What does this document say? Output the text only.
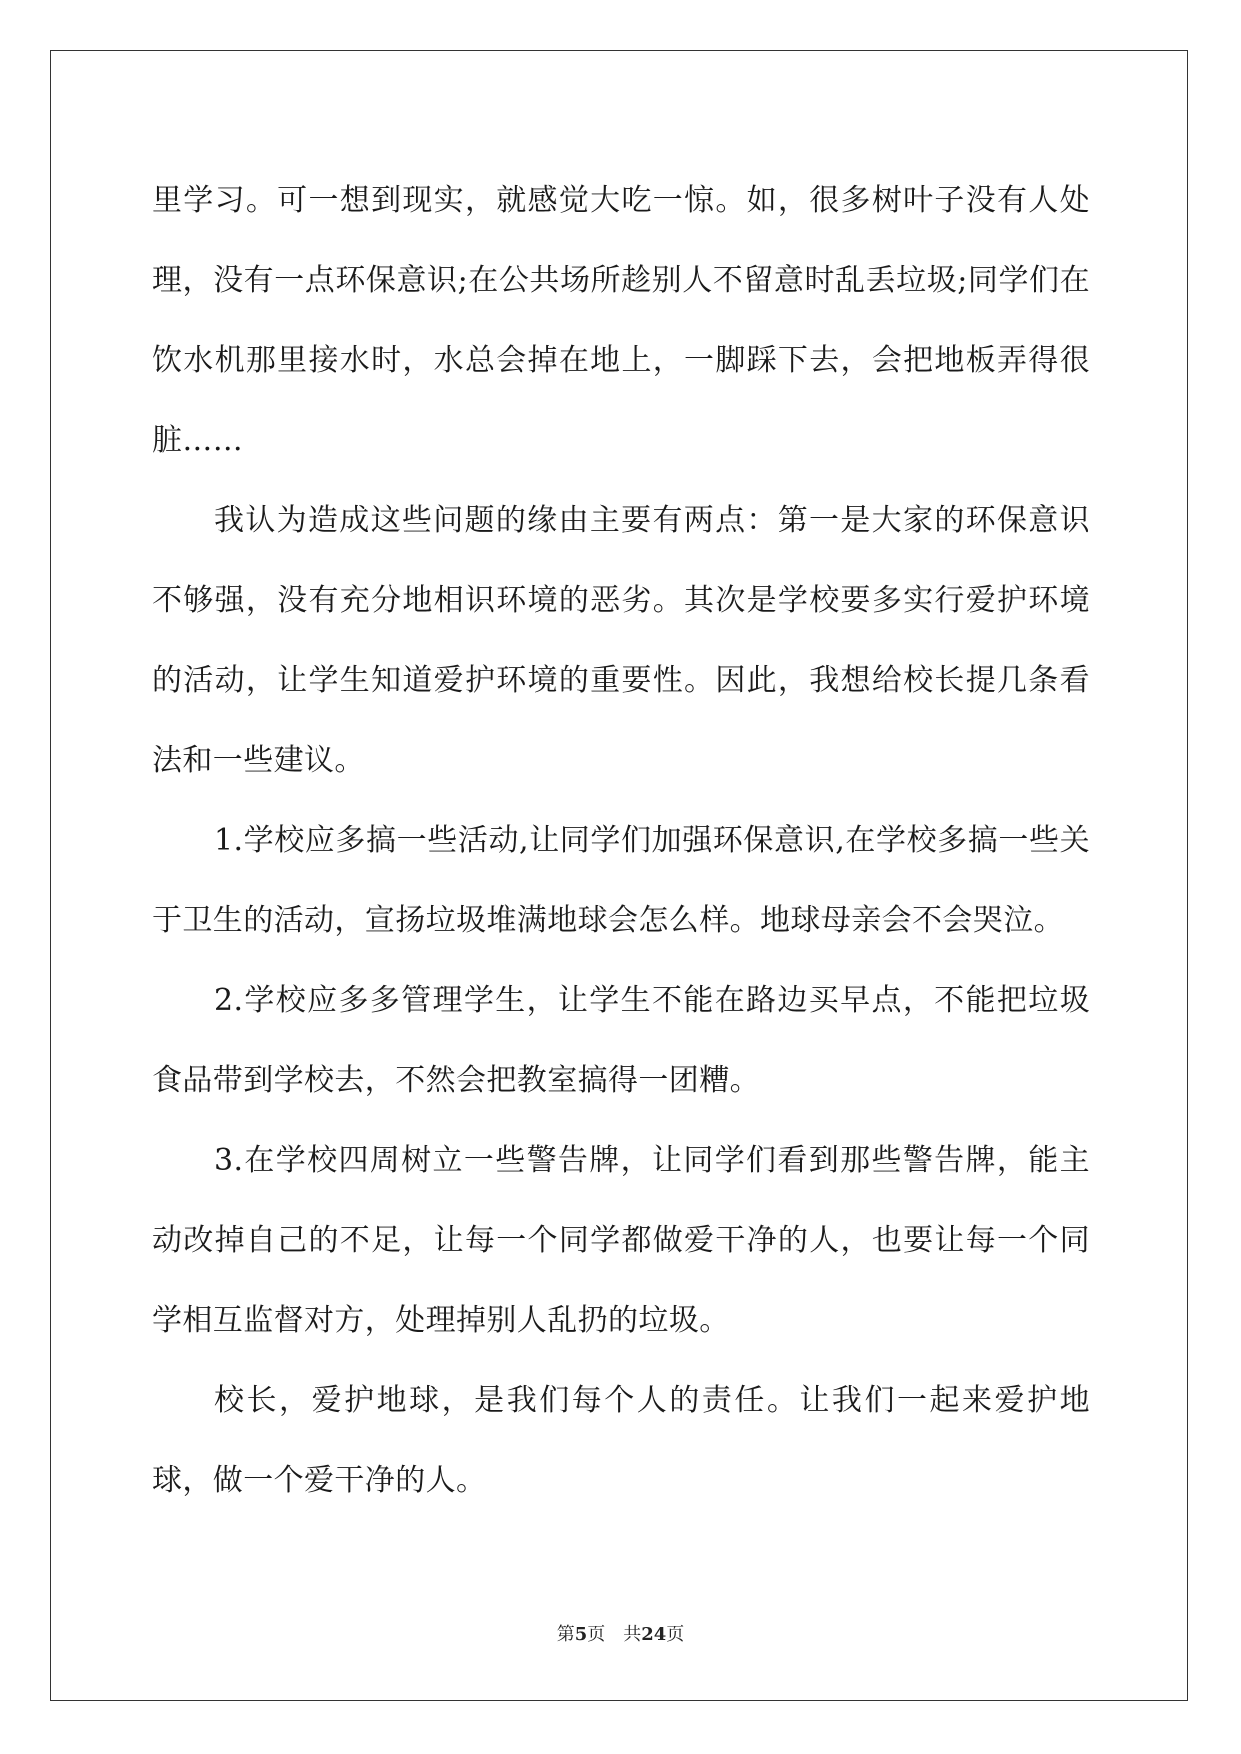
里学习。可一想到现实，就感觉大吃一惊。如，很多树叶子没有人处理，没有一点环保意识;在公共场所趁别人不留意时乱丢垃圾;同学们在饮水机那里接水时，水总会掉在地上，一脚踩下去，会把地板弄得很脏……

我认为造成这些问题的缘由主要有两点：第一是大家的环保意识不够强，没有充分地相识环境的恶劣。其次是学校要多实行爱护环境的活动，让学生知道爱护环境的重要性。因此，我想给校长提几条看法和一些建议。

1.学校应多搞一些活动,让同学们加强环保意识,在学校多搞一些关于卫生的活动，宣扬垃圾堆满地球会怎么样。地球母亲会不会哭泣。

2.学校应多多管理学生，让学生不能在路边买早点，不能把垃圾食品带到学校去，不然会把教室搞得一团糟。

3.在学校四周树立一些警告牌，让同学们看到那些警告牌，能主动改掉自己的不足，让每一个同学都做爱干净的人，也要让每一个同学相互监督对方，处理掉别人乱扔的垃圾。

校长，爱护地球，是我们每个人的责任。让我们一起来爱护地球，做一个爱干净的人。

第5页 共24页
